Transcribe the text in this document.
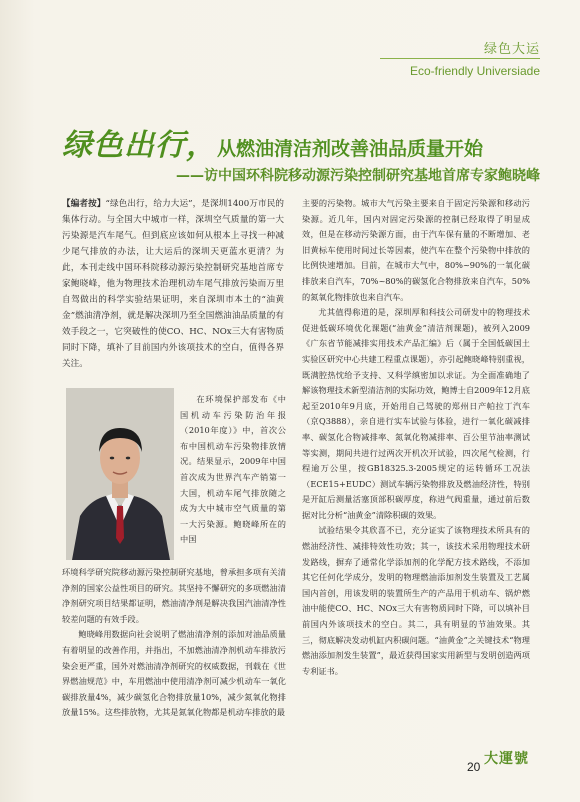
绿色大运
Eco-friendly Universiade
绿色出行，从燃油清洁剂改善油品质量开始
——访中国环科院移动源污染控制研究基地首席专家鲍晓峰
【编者按】“绿色出行，给力大运”，是深圳1400万市民的集体行动。与全国大中城市一样，深圳空气质量的第一大污染源是汽车尾气。但到底应该如何从根本上寻找一种减少尾气排放的办法，让大运后的深圳天更蓝水更清？为此，本刊走线中国环科院移动源污染控制研究基地首席专家鲍晓峰，他为物理技术治理机动车尾气排放污染而万里自驾做出的科学实验结果证明，来自深圳市本土的“油黄金”燃油清净剂，就是解决深圳乃至全国燃油油品质量的有效手段之一，它突破性的使CO、HC、NOx三大有害物质同时下降，填补了目前国内外该项技术的空白，值得各界关注。

在环境保护部发布《中国机动车污染防治年报（2010年度）》中，首次公布中国机动车污染物排放情况。结果显示，2009年中国首次成为世界汽车产销第一大国，机动车尾气排放随之成为大中城市空气质量的第一大污染源。鲍晓峰所在的中国

环境科学研究院移动源污染控制研究基地，曾承担多项有关清净剂的国家公益性项目的研究。其坚持不懈研究的多项燃油清净剂研究项目结果都证明，燃油清净剂是解决我国汽油清净性较差问题的有效手段。

鲍晓峰用数据向社会说明了燃油清净剂的添加对油品质量有着明显的改善作用，并指出，不加燃油清净剂机动车排放污染会更严重，国外对燃油清净剂研究的权威数据，刊载在《世界燃油规范》中，车用燃油中使用清净剂可减少机动车一氧化碳排放量4%，减少碳氢化合物排放量10%，减少氮氧化物排放量15%。这些排放物，尤其是氮氧化物都是机动车排放的最

主要的污染物。城市大气污染主要来自于固定污染源和移动污染源。近几年，国内对固定污染源的控制已经取得了明显成效，但是在移动污染源方面，由于汽车保有量的不断增加、老旧黄标车使用时间过长等因素，使汽车在整个污染物中排放的比例快速增加。目前，在城市大气中，80%~90%的一氧化碳排放来自汽车，70%~80%的碳氢化合物排放来自汽车，50%的氮氧化物排放也来自汽车。

尤其值得称道的是，深圳厚和科技公司研发中的物理技术促进低碳环境优化课题(“油黄金”清洁剂课题)，被列入2009《广东省节能减排实用技术产品汇编》后（属于全国低碳国土实验区研究中心共建工程重点课题），亦引起鲍晓峰特别重视，既满腔热忱给予支持、又科学缜密加以求证。为全面准确地了解该物理技术新型清洁剂的实际功效，鲍博士自2009年12月底起至2010年9月底，开始用自己驾驶的郑州日产帕拉丁汽车（京Q3888），亲自进行实车试验与体验，进行一氧化碳减排率、碳氢化合物减排率、氮氧化物减排率、百公里节油率测试等实测，期间共进行过两次开机次开试验，四次尾气检测，行程逾万公里，按GB18325.3-2005规定的运转循环工况法（ECE15+EUDC）测试车辆污染物排放及燃油经济性，特别是开缸后测量活塞顶部积碳厚度，称进气阀重量，通过前后数据对比分析“油黄金”清除积碳的效果。

试验结果令其欣喜不已，充分证实了该物理技术所具有的燃油经济性、减排特效性功效；其一，该技术采用物理技术研发路线，摒弃了通常化学添加剂的化学配方技术路线，不添加其它任何化学成分，发明的物理燃油添加剂发生装置及工艺属国内首创，用该发明的装置所生产的产品用于机动车、锅炉燃油中能使CO、HC、NOx三大有害物质同时下降，可以填补目前国内外该项技术的空白。其二，具有明显的节油效果。其三，彻底解决发动机缸内积碳问题。“油黄金”之关键技术“物理燃油添加剂发生装置”，最近获得国家实用新型与发明创造两项专利证书。

20 大運號
